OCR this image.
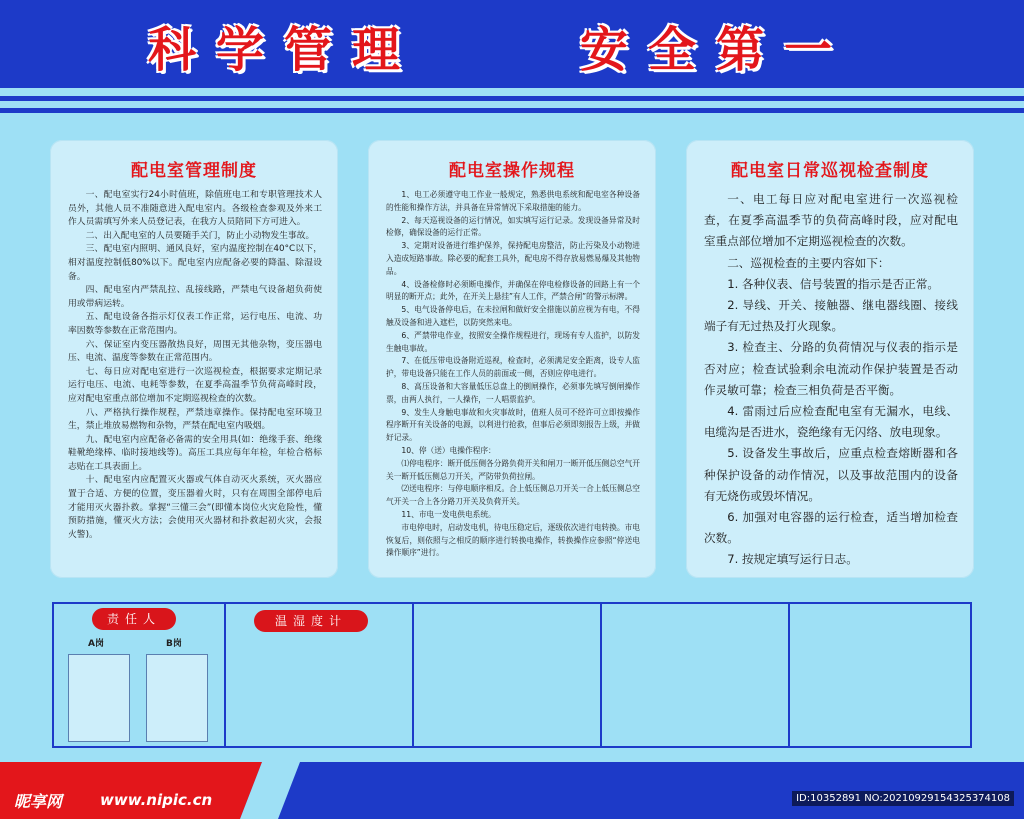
科学管理	安全第一
配电室管理制度

一、配电室实行24小时值班，除值班电工和专职管理技术人员外，其他人员不准随意进入配电室内。各级检查参观及外来工作人员需填写外来人员登记表，在我方人员陪同下方可进入。

二、出入配电室的人员要随手关门，防止小动物发生事故。

三、配电室内照明、通风良好，室内温度控制在40°C以下，相对温度控制低80%以下。配电室内应配备必要的降温、除湿设备。

四、配电室内严禁乱拉、乱接线路，严禁电气设备超负荷使用或带病运转。

五、配电设备各指示灯仪表工作正常，运行电压、电流、功率因数等参数在正常范围内。

六、保证室内变压器散热良好，周围无其他杂物，变压器电压、电流、温度等参数在正常范围内。

七、每日应对配电室进行一次巡视检查，根据要求定期记录运行电压、电流、电耗等参数，在夏季高温季节负荷高峰时段，应对配电室重点部位增加不定期巡视检查的次数。

八、严格执行操作规程，严禁违章操作。保持配电室环境卫生，禁止堆放易燃物和杂物，严禁在配电室内吸烟。

九、配电室内应配备必备需的安全用具(如：绝缘手套、绝缘鞋靴绝缘棒、临时接地线等)。高压工具应每年年检，年检合格标志贴在工具表面上。

十、配电室内应配置灭火器或气体自动灭火系统，灭火器应置于合适、方便的位置，变压器着火时，只有在周围全部停电后才能用灭火器扑救。掌握“三懂三会”(即懂本岗位火灾危险性，懂预防措施，懂灭火方法；会使用灭火器材和扑救起初火灾，会报火警)。

配电室操作规程

1、电工必须遵守电工作业一般规定，熟悉供电系统和配电室各种设备的性能和操作方法，并具备在异常情况下采取措施的能力。

2、每天巡视设备的运行情况，如实填写运行记录。发现设备异常及时检修，确保设备的运行正常。

3、定期对设备进行维护保养，保持配电房整洁，防止污染及小动物进入造成短路事故。除必要的配套工具外，配电房不得存放易燃易爆及其他物品。

4、设备检修时必须断电操作，并确保在停电检修设备的回路上有一个明显的断开点；此外，在开关上悬挂”有人工作，严禁合闸”的警示标牌。

5、电气设备停电后，在未拉闸和做好安全措施以前应视为有电，不得触及设备和进入遮栏，以防突然来电。

6、严禁带电作业，按照安全操作规程进行，现场有专人监护，以防发生触电事故。

7、在低压带电设备附近巡视，检查时，必须满足安全距离，设专人监护，带电设备只能在工作人员的前面或一侧，否则应停电进行。

8、高压设备和大容量低压总盘上的倒闸操作，必须事先填写倒闸操作票，由两人执行，一人操作，一人唱票监护。

9、发生人身触电事故和火灾事故时，值班人员可不经许可立即按操作程序断开有关设备的电源，以利进行抢救，但事后必须即刻报告上级，并做好记录。

10、停（送）电操作程序：

⑴停电程序：断开低压侧各分路负荷开关和闸刀一断开低压侧总空气开关一断开低压侧总刀开关，严防带负荷拉闸。

⑵送电程序：与停电顺序相反。合上低压侧总刀开关一合上低压侧总空气开关一合上各分路刀开关及负荷开关。

11、市电一发电供电系统。

市电停电时，启动发电机，待电压稳定后，逐级依次进行电转换。市电恢复后，则依照与之相反的顺序进行转换电操作，转换操作应参照“停送电操作顺序”进行。

配电室日常巡视检查制度

一、电工每日应对配电室进行一次巡视检查，在夏季高温季节的负荷高峰时段，应对配电室重点部位增加不定期巡视检查的次数。

二、巡视检查的主要内容如下：

1. 各种仪表、信号装置的指示是否正常。

2. 导线、开关、接触器、继电器线圈、接线端子有无过热及打火现象。

3. 检查主、分路的负荷情况与仪表的指示是否对应；检查试验剩余电流动作保护装置是否动作灵敏可靠；检查三相负荷是否平衡。

4. 雷雨过后应检查配电室有无漏水，电线、电缆沟是否进水，瓷绝缘有无闪络、放电现象。

5. 设备发生事故后，应重点检查熔断器和各种保护设备的动作情况，以及事故范围内的设备有无烧伤或毁坏情况。

6. 加强对电容器的运行检查，适当增加检查次数。

7. 按规定填写运行日志。

责任人
A岗	B岗
温湿度计
昵享网	www.nipic.cn	ID:10352891 NO:20210929154325374108
